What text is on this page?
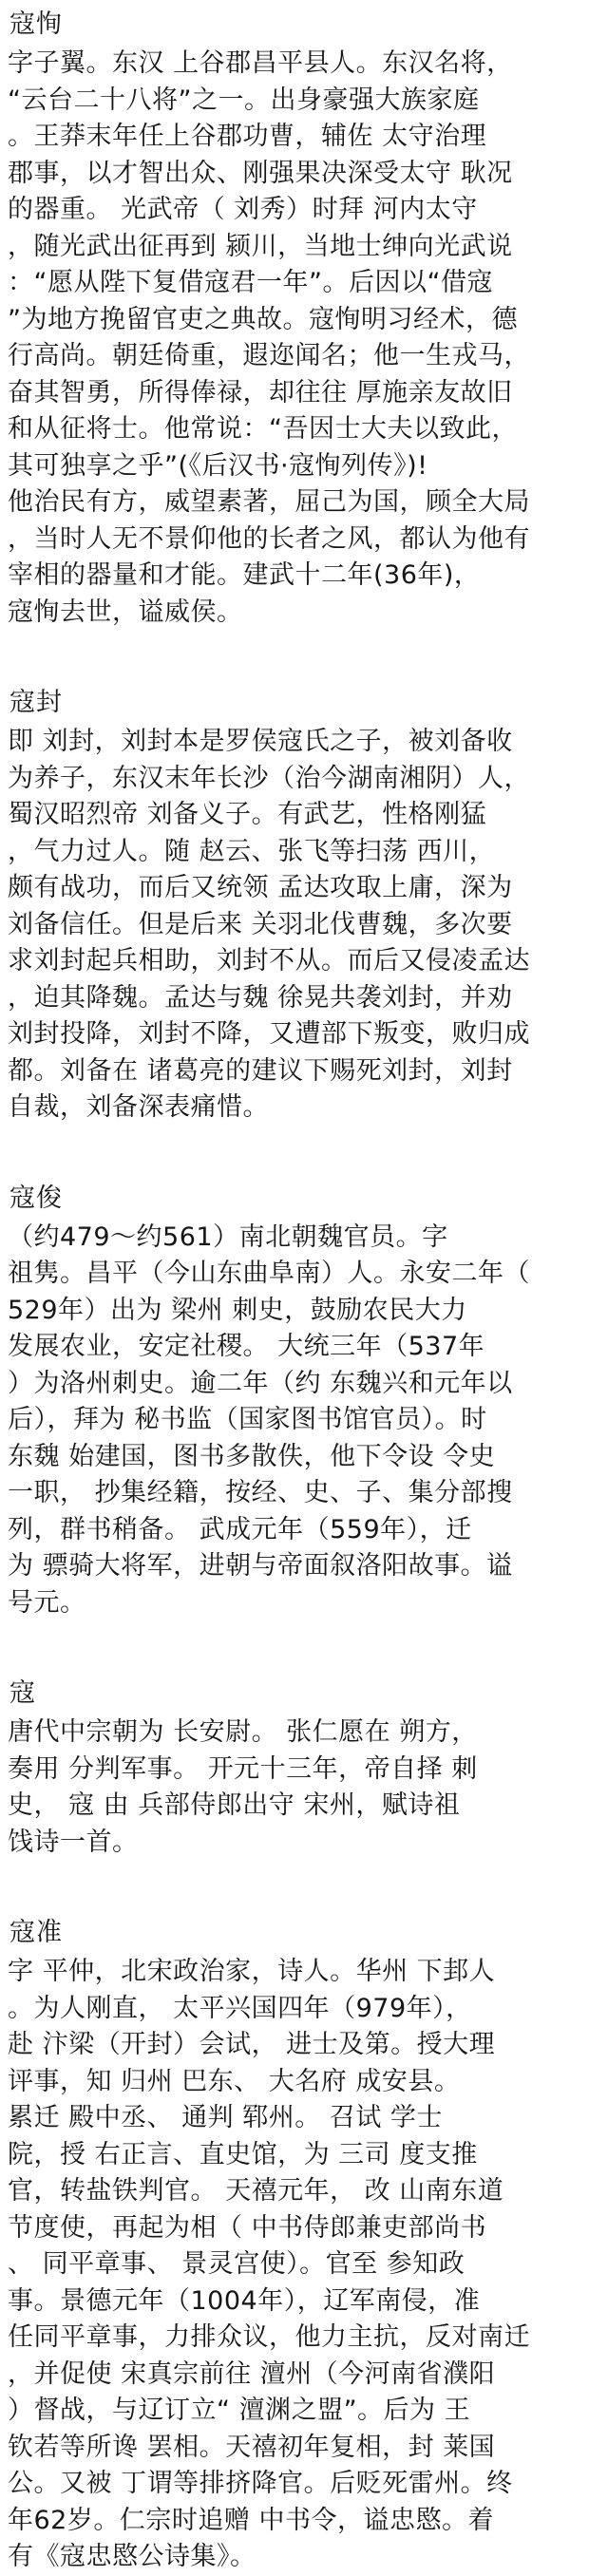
寇恂
字子翼。东汉 上谷郡昌平县人。东汉名将，
“云台二十八将”之一。出身豪强大族家庭
。王莽末年任上谷郡功曹，辅佐 太守治理
郡事，以才智出众、刚强果决深受太守 耿况
的器重。 光武帝（ 刘秀）时拜 河内太守
，随光武出征再到 颍川，当地士绅向光武说
：“愿从陛下复借寇君一年”。后因以“借寇
”为地方挽留官吏之典故。寇恂明习经术，德
行高尚。朝廷倚重，遐迩闻名；他一生戎马，
奋其智勇，所得俸禄，却往往 厚施亲友故旧
和从征将士。他常说：“吾因士大夫以致此，
其可独享之乎”(《后汉书·寇恂列传》)!
他治民有方，威望素著，屈己为国，顾全大局
，当时人无不景仰他的长者之风，都认为他有
宰相的器量和才能。建武十二年(36年)，
寇恂去世，谥威侯。
寇封
即 刘封，刘封本是罗侯寇氏之子，被刘备收
为养子，东汉末年长沙（治今湖南湘阴）人，
蜀汉昭烈帝 刘备义子。有武艺，性格刚猛
，气力过人。随 赵云、张飞等扫荡 西川，
颇有战功，而后又统领 孟达攻取上庸，深为
刘备信任。但是后来 关羽北伐曹魏，多次要
求刘封起兵相助，刘封不从。而后又侵凌孟达
，迫其降魏。孟达与魏 徐晃共袭刘封，并劝
刘封投降，刘封不降，又遭部下叛变，败归成
都。刘备在 诸葛亮的建议下赐死刘封，刘封
自裁，刘备深表痛惜。
寇俊
（约479～约561）南北朝魏官员。字
祖隽。昌平（今山东曲阜南）人。永安二年（
529年）出为 梁州 刺史，鼓励农民大力
发展农业，安定社稷。 大统三年（537年
）为洛州刺史。逾二年（约 东魏兴和元年以
后），拜为 秘书监（国家图书馆官员）。时
东魏 始建国，图书多散佚，他下令设 令史
一职， 抄集经籍，按经、史、子、集分部搜
列，群书稍备。 武成元年（559年），迁
为 骠骑大将军，进朝与帝面叙洛阳故事。谥
号元。
寇
唐代中宗朝为 长安尉。 张仁愿在 朔方，
奏用 分判军事。 开元十三年，帝自择 刺
史， 寇 由 兵部侍郎出守 宋州，赋诗祖
饯诗一首。
寇准
字 平仲，北宋政治家，诗人。华州 下邽人
。为人刚直， 太平兴国四年（979年），
赴 汴梁（开封）会试， 进士及第。授大理
评事，知 归州 巴东、 大名府 成安县。
累迁 殿中丞、 通判 郓州。 召试 学士
院，授 右正言、直史馆，为 三司 度支推
官，转盐铁判官。 天禧元年， 改 山南东道
节度使，再起为相（ 中书侍郎兼吏部尚书
、 同平章事、 景灵宫使）。官至 参知政
事。景德元年（1004年），辽军南侵，准
任同平章事，力排众议，他力主抗，反对南迁
，并促使 宋真宗前往 澶州（今河南省濮阳
）督战，与辽订立“ 澶渊之盟”。后为 王
钦若等所谗 罢相。天禧初年复相，封 莱国
公。又被 丁谓等排挤降官。后贬死雷州。终
年62岁。仁宗时追赠 中书令，谥忠愍。着
有《寇忠愍公诗集》。
